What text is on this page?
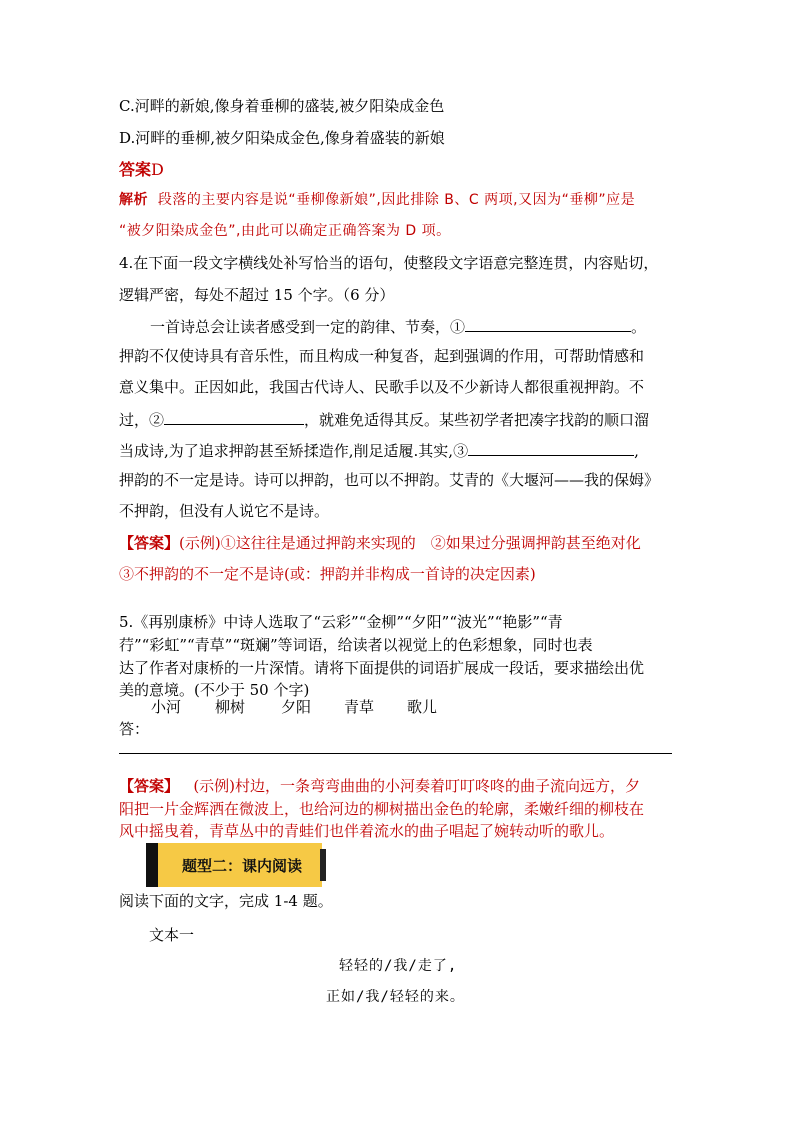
C.河畔的新娘,像身着垂柳的盛装,被夕阳染成金色
D.河畔的垂柳,被夕阳染成金色,像身着盛装的新娘
答案D
解析 段落的主要内容是说“垂柳像新娘”,因此排除 B、C 两项,又因为“垂柳”应是
“被夕阳染成金色”,由此可以确定正确答案为 D 项。
4.在下面一段文字横线处补写恰当的语句，使整段文字语意完整连贯，内容贴切，
逻辑严密，每处不超过 15 个字。（6 分）
一首诗总会让读者感受到一定的韵律、节奏，①	。
押韵不仅使诗具有音乐性，而且构成一种复沓，起到强调的作用，可帮助情感和
意义集中。正因如此，我国古代诗人、民歌手以及不少新诗人都很重视押韵。不
过，②	，就难免适得其反。某些初学者把凑字找韵的顺口溜
当成诗,为了追求押韵甚至矫揉造作,削足适履.其实,③	,
押韵的不一定是诗。诗可以押韵，也可以不押韵。艾青的《大堰河——我的保姆》
不押韵，但没有人说它不是诗。
【答案】(示例)①这往往是通过押韵来实现的　②如果过分强调押韵甚至绝对化
③不押韵的不一定不是诗(或：押韵并非构成一首诗的决定因素)
5.《再别康桥》中诗人选取了“云彩”“金柳”“夕阳”“波光”“艳影”“青
荇”“彩虹”“青草”“斑斓”等词语，给读者以视觉上的色彩想象，同时也表
达了作者对康桥的一片深情。请将下面提供的词语扩展成一段话，要求描绘出优
美的意境。(不少于 50 个字)
小河 柳树 夕阳 青草 歌儿
答：
【答案】 (示例)村边，一条弯弯曲曲的小河奏着叮叮咚咚的曲子流向远方，夕
阳把一片金辉洒在微波上，也给河边的柳树描出金色的轮廓，柔嫩纤细的柳枝在
风中摇曳着，青草丛中的青蛙们也伴着流水的曲子唱起了婉转动听的歌儿。
题型二：课内阅读
阅读下面的文字，完成 1-4 题。
文本一
轻轻的/我/走了,
正如/我/轻轻的来。
